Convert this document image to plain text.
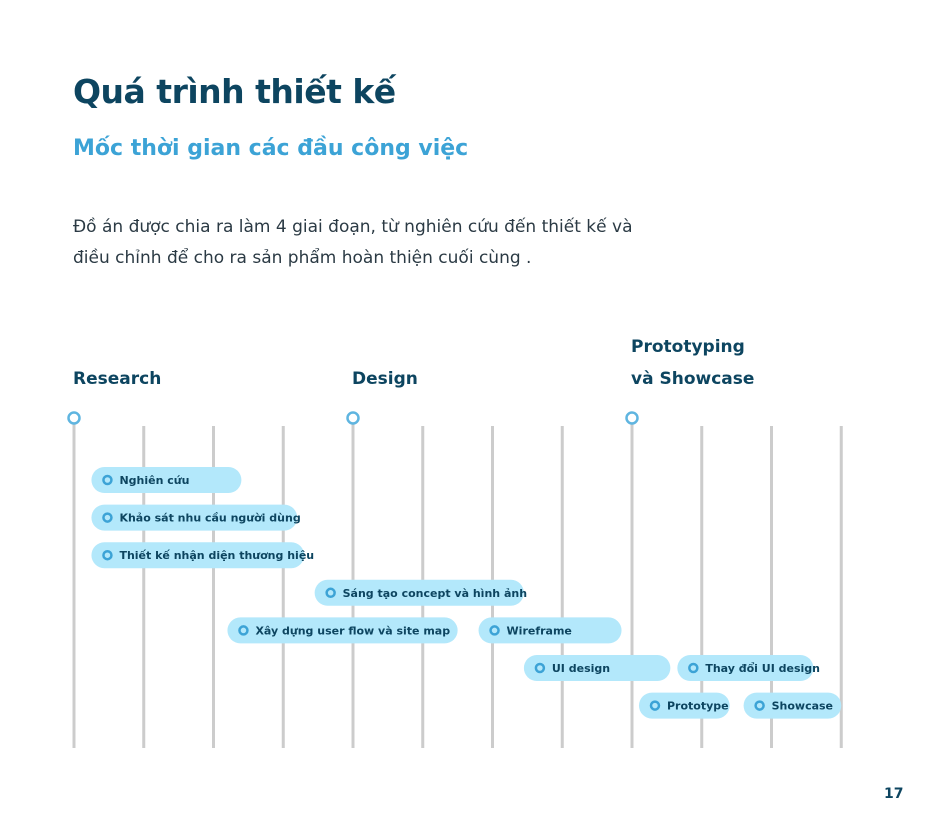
Quá trình thiết kế
Mốc thời gian các đầu công việc

Đồ án được chia ra làm 4 giai đoạn, từ nghiên cứu đến thiết kế và điều chỉnh để cho ra sản phẩm hoàn thiện cuối cùng .

Research	Design
Prototyping
và Showcase
Nghiên cứu
Khảo sát nhu cầu người dùng
Thiết kế nhận diện thương hiệu
Sáng tạo concept và hình ảnh
Xây dựng user flow và site map	Wireframe
UI design	Thay đổi UI design
Prototype	Showcase
17
